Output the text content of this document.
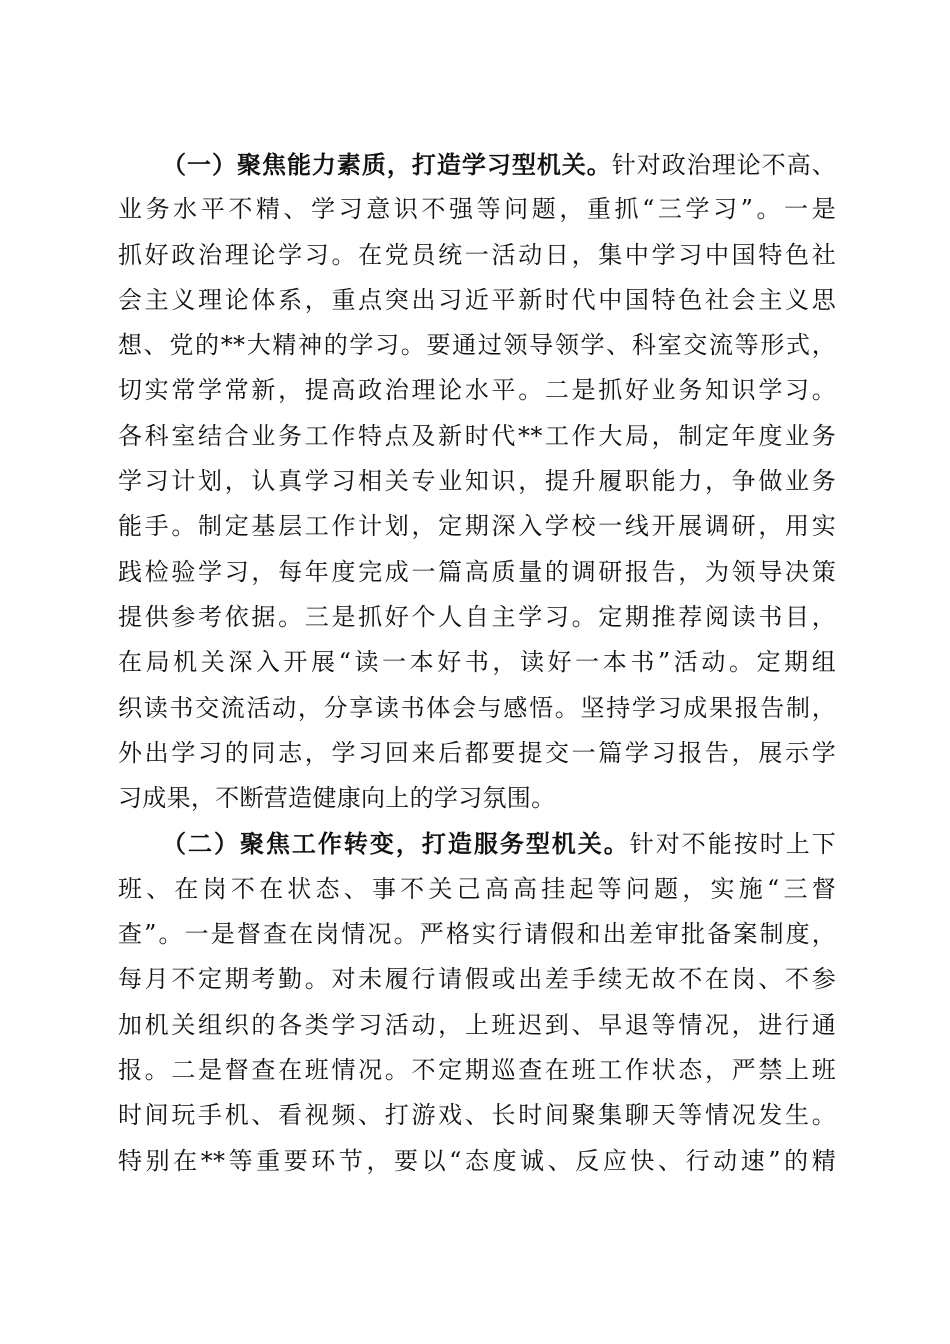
（一）聚焦能力素质，打造学习型机关。针对政治理论不高、
业务水平不精、学习意识不强等问题，重抓“三学习”。一是
抓好政治理论学习。在党员统一活动日，集中学习中国特色社
会主义理论体系，重点突出习近平新时代中国特色社会主义思
想、党的**大精神的学习。要通过领导领学、科室交流等形式，
切实常学常新，提高政治理论水平。二是抓好业务知识学习。
各科室结合业务工作特点及新时代**工作大局，制定年度业务
学习计划，认真学习相关专业知识，提升履职能力，争做业务
能手。制定基层工作计划，定期深入学校一线开展调研，用实
践检验学习，每年度完成一篇高质量的调研报告，为领导决策
提供参考依据。三是抓好个人自主学习。定期推荐阅读书目，
在局机关深入开展“读一本好书，读好一本书”活动。定期组
织读书交流活动，分享读书体会与感悟。坚持学习成果报告制，
外出学习的同志，学习回来后都要提交一篇学习报告，展示学
习成果，不断营造健康向上的学习氛围。
（二）聚焦工作转变，打造服务型机关。针对不能按时上下
班、在岗不在状态、事不关己高高挂起等问题，实施“三督
查”。一是督查在岗情况。严格实行请假和出差审批备案制度，
每月不定期考勤。对未履行请假或出差手续无故不在岗、不参
加机关组织的各类学习活动，上班迟到、早退等情况，进行通
报。二是督查在班情况。不定期巡查在班工作状态，严禁上班
时间玩手机、看视频、打游戏、长时间聚集聊天等情况发生。
特别在**等重要环节，要以“态度诚、反应快、行动速”的精
